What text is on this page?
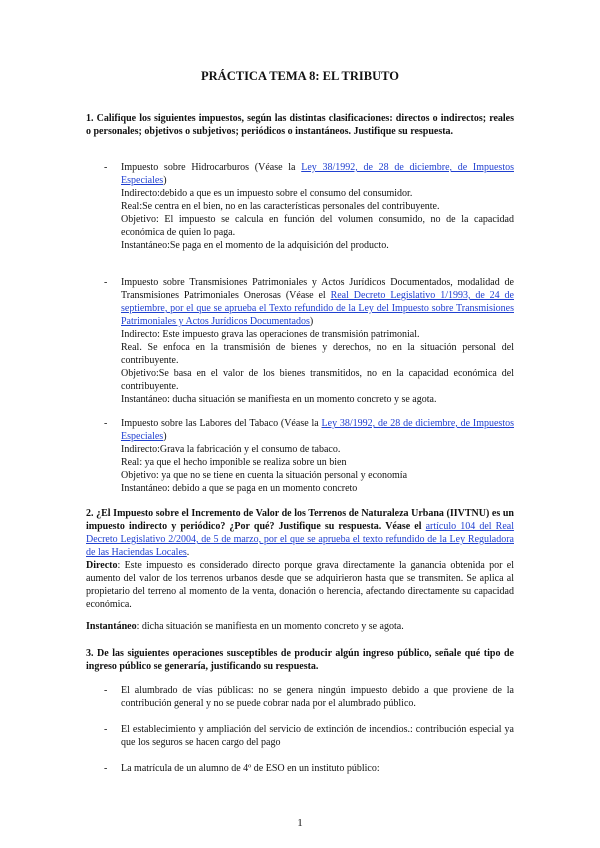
PRÁCTICA TEMA 8: EL TRIBUTO
1. Califique los siguientes impuestos, según las distintas clasificaciones: directos o indirectos; reales o personales; objetivos o subjetivos; periódicos o instantáneos. Justifique su respuesta.
- Impuesto sobre Hidrocarburos (Véase la Ley 38/1992, de 28 de diciembre, de Impuestos Especiales)

Indirecto:debido a que es un impuesto sobre el consumo del consumidor.

Real:Se centra en el bien, no en las características personales del contribuyente.

Objetivo: El impuesto se calcula en función del volumen consumido, no de la capacidad económica de quien lo paga.

Instantáneo:Se paga en el momento de la adquisición del producto.

- Impuesto sobre Transmisiones Patrimoniales y Actos Jurídicos Documentados, modalidad de Transmisiones Patrimoniales Onerosas (Véase el Real Decreto Legislativo 1/1993, de 24 de septiembre, por el que se aprueba el Texto refundido de la Ley del Impuesto sobre Transmisiones Patrimoniales y Actos Jurídicos Documentados)

Indirecto: Este impuesto grava las operaciones de transmisión patrimonial.

Real. Se enfoca en la transmisión de bienes y derechos, no en la situación personal del contribuyente.

Objetivo:Se basa en el valor de los bienes transmitidos, no en la capacidad económica del contribuyente.

Instantáneo: ducha situación se manifiesta en un momento concreto y se agota.

- Impuesto sobre las Labores del Tabaco (Véase la Ley 38/1992, de 28 de diciembre, de Impuestos Especiales)

Indirecto:Grava la fabricación y el consumo de tabaco.

Real: ya que el hecho imponible se realiza sobre un bien

Objetivo: ya que no se tiene en cuenta la situación personal y economía

Instantáneo: debido a que se paga en un momento concreto

2. ¿El Impuesto sobre el Incremento de Valor de los Terrenos de Naturaleza Urbana (IIVTNU) es un impuesto indirecto y periódico? ¿Por qué? Justifique su respuesta. Véase el artículo 104 del Real Decreto Legislativo 2/2004, de 5 de marzo, por el que se aprueba el texto refundido de la Ley Reguladora de las Haciendas Locales.

Directo: Este impuesto es considerado directo porque grava directamente la ganancia obtenida por el aumento del valor de los terrenos urbanos desde que se adquirieron hasta que se transmiten. Se aplica al propietario del terreno al momento de la venta, donación o herencia, afectando directamente su capacidad económica.

Instantáneo: dicha situación se manifiesta en un momento concreto y se agota.

3. De las siguientes operaciones susceptibles de producir algún ingreso público, señale qué tipo de ingreso público se generaría, justificando su respuesta.
- El alumbrado de vías públicas: no se genera ningún impuesto debido a que proviene de la contribución general y no se puede cobrar nada por el alumbrado público.
- El establecimiento y ampliación del servicio de extinción de incendios.: contribución especial ya que los seguros se hacen cargo del pago
- La matrícula de un alumno de 4º de ESO en un instituto público:
1
